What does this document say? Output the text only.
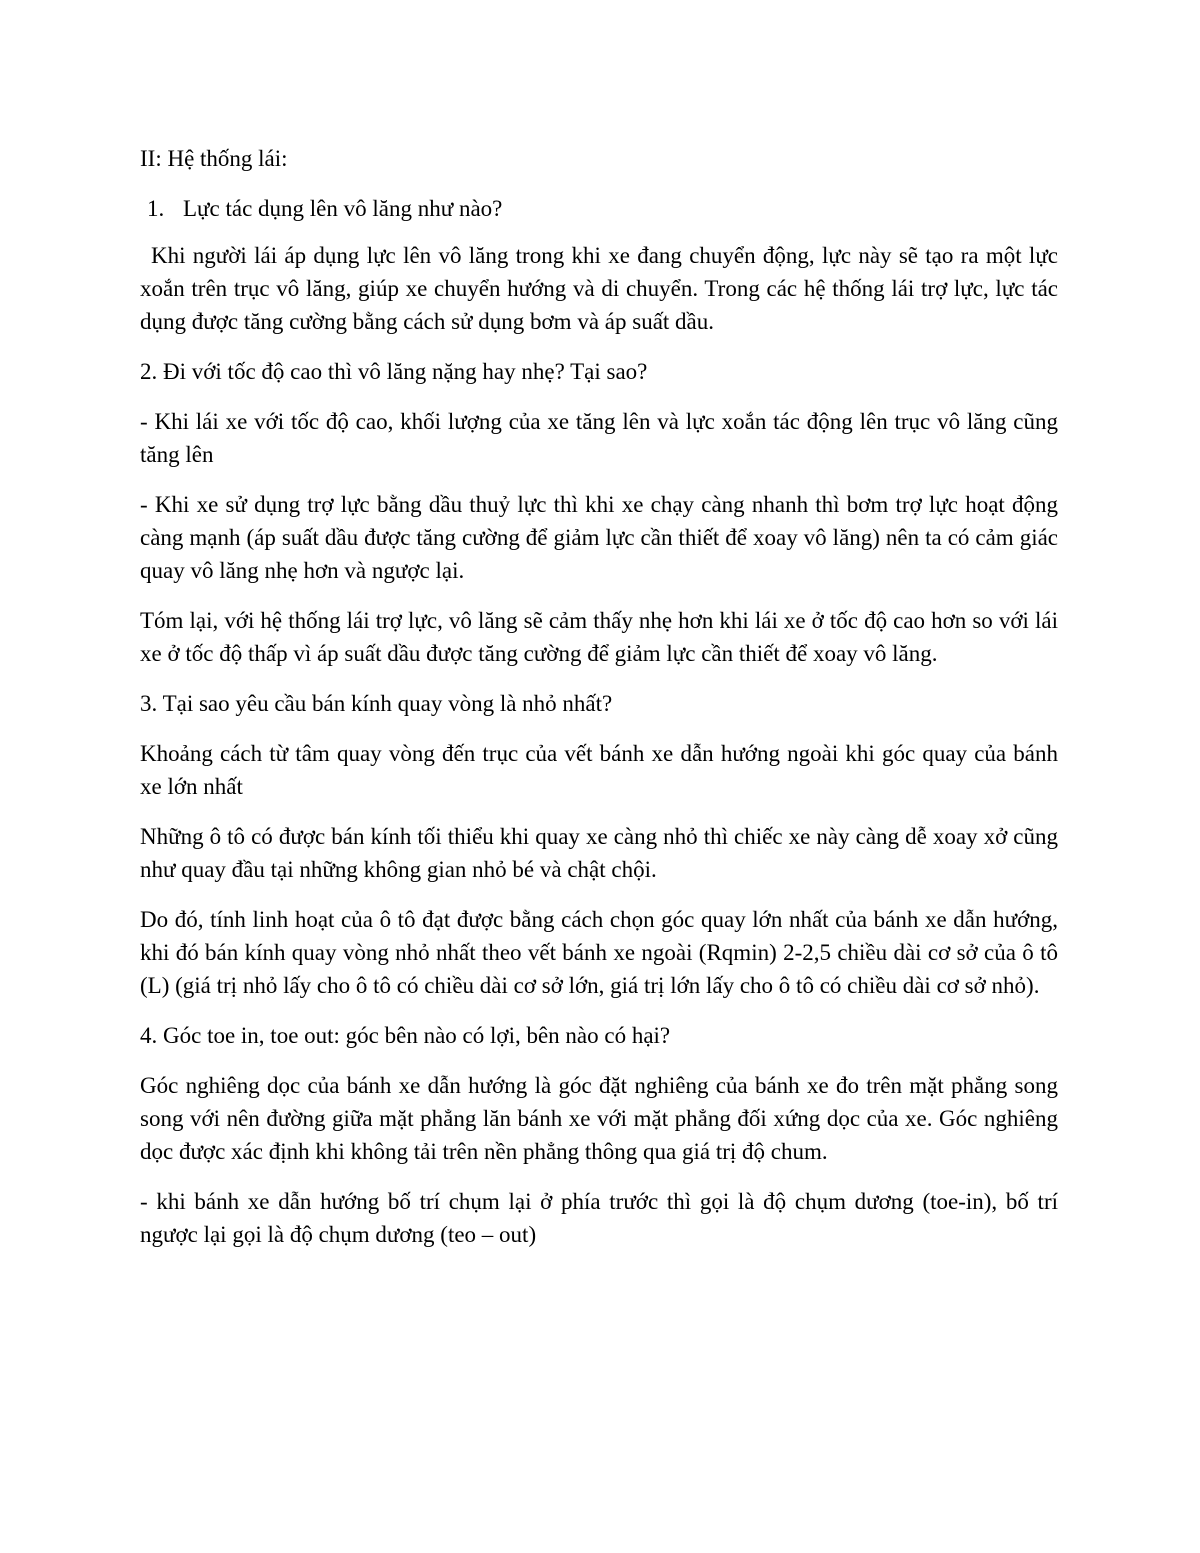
II: Hệ thống lái:

1. Lực tác dụng lên vô lăng như nào?

Khi người lái áp dụng lực lên vô lăng trong khi xe đang chuyển động, lực này sẽ tạo ra một lực xoắn trên trục vô lăng, giúp xe chuyển hướng và di chuyển. Trong các hệ thống lái trợ lực, lực tác dụng được tăng cường bằng cách sử dụng bơm và áp suất dầu.

2. Đi với tốc độ cao thì vô lăng nặng hay nhẹ? Tại sao?

- Khi lái xe với tốc độ cao, khối lượng của xe tăng lên và lực xoắn tác động lên trục vô lăng cũng tăng lên

- Khi xe sử dụng trợ lực bằng dầu thuỷ lực thì khi xe chạy càng nhanh thì bơm trợ lực hoạt động càng mạnh (áp suất dầu được tăng cường để giảm lực cần thiết để xoay vô lăng) nên ta có cảm giác quay vô lăng nhẹ hơn và ngược lại.

Tóm lại, với hệ thống lái trợ lực, vô lăng sẽ cảm thấy nhẹ hơn khi lái xe ở tốc độ cao hơn so với lái xe ở tốc độ thấp vì áp suất dầu được tăng cường để giảm lực cần thiết để xoay vô lăng.

3. Tại sao yêu cầu bán kính quay vòng là nhỏ nhất?

Khoảng cách từ tâm quay vòng đến trục của vết bánh xe dẫn hướng ngoài khi góc quay của bánh xe lớn nhất

Những ô tô có được bán kính tối thiểu khi quay xe càng nhỏ thì chiếc xe này càng dễ xoay xở cũng như quay đầu tại những không gian nhỏ bé và chật chội.

Do đó, tính linh hoạt của ô tô đạt được bằng cách chọn góc quay lớn nhất của bánh xe dẫn hướng, khi đó bán kính quay vòng nhỏ nhất theo vết bánh xe ngoài (Rqmin) 2-2,5 chiều dài cơ sở của ô tô (L) (giá trị nhỏ lấy cho ô tô có chiều dài cơ sở lớn, giá trị lớn lấy cho ô tô có chiều dài cơ sở nhỏ).

4. Góc toe in, toe out: góc bên nào có lợi, bên nào có hại?

Góc nghiêng dọc của bánh xe dẫn hướng là góc đặt nghiêng của bánh xe đo trên mặt phẳng song song với nên đường giữa mặt phẳng lăn bánh xe với mặt phẳng đối xứng dọc của xe. Góc nghiêng dọc được xác định khi không tải trên nền phẳng thông qua giá trị độ chum.

- khi bánh xe dẫn hướng bố trí chụm lại ở phía trước thì gọi là độ chụm dương (toe-in), bố trí ngược lại gọi là độ chụm dương (teo – out)
